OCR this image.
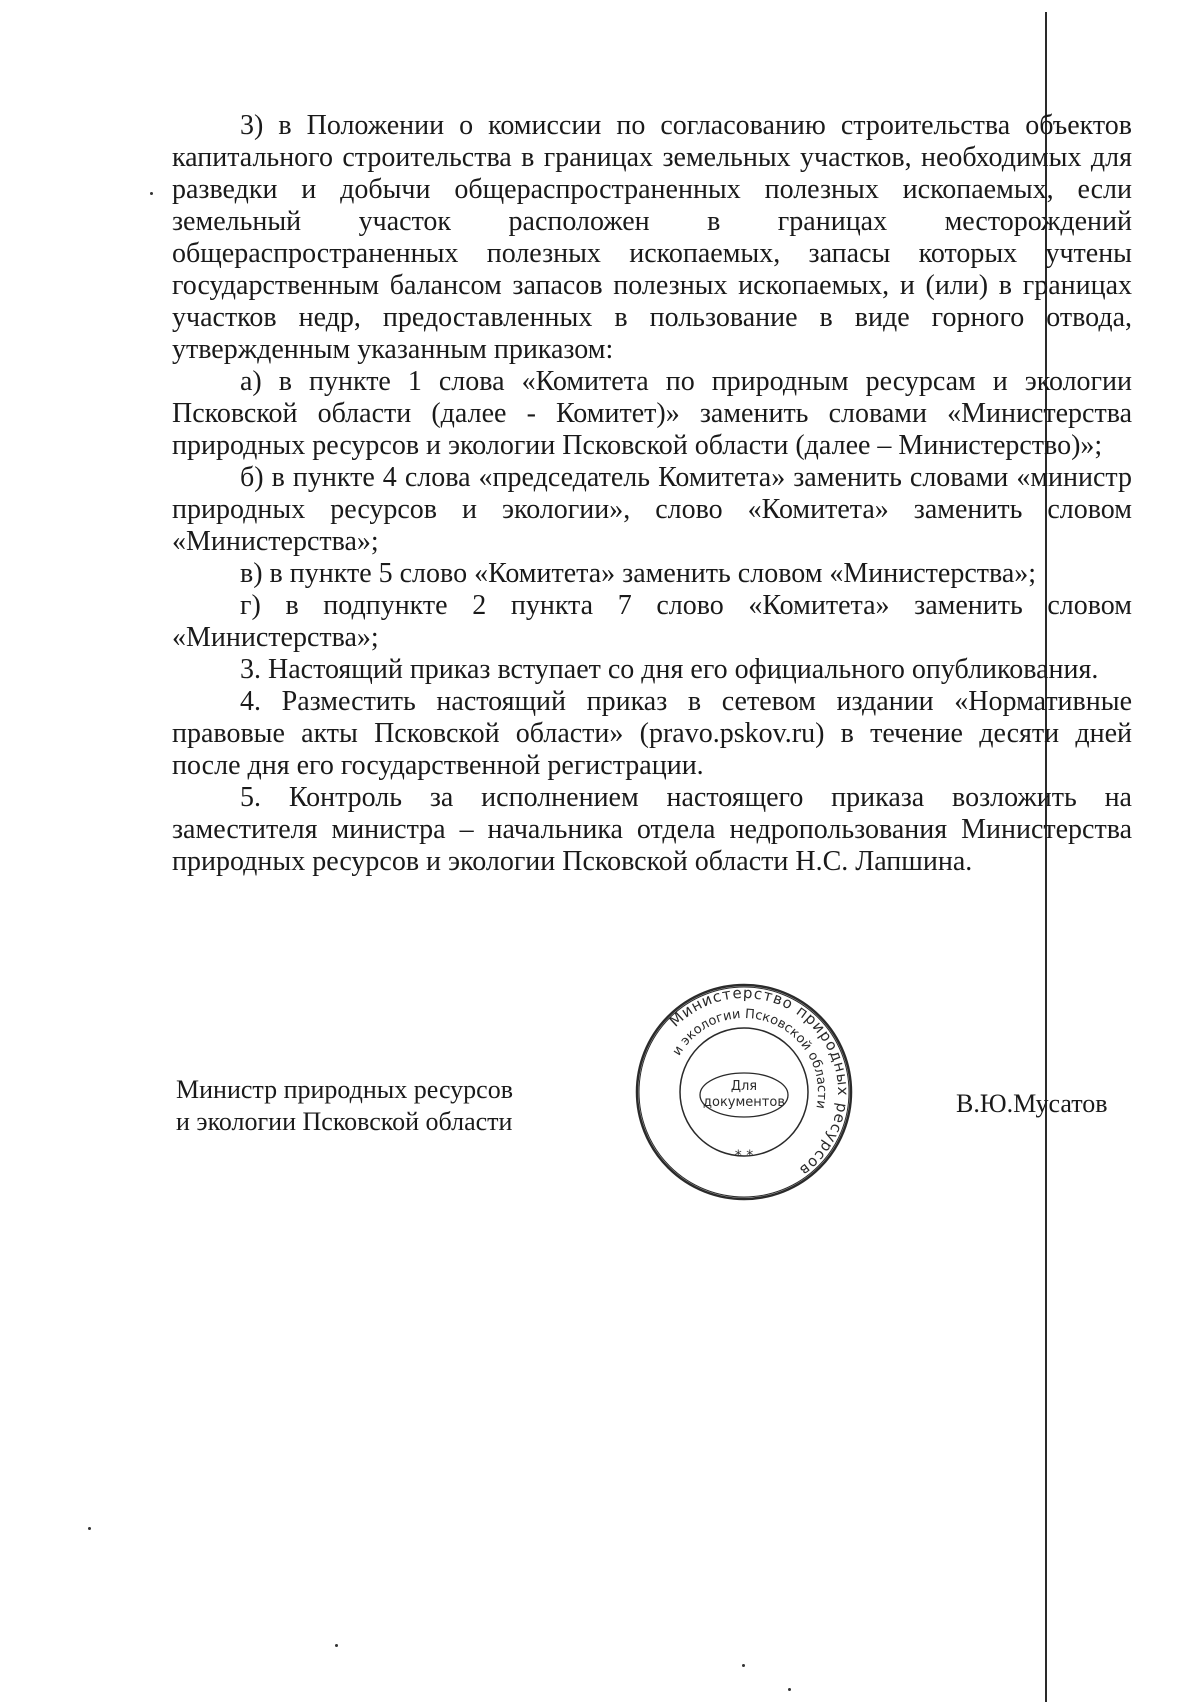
3) в Положении о комиссии по согласованию строительства объектов капитального строительства в границах земельных участков, необходимых для разведки и добычи общераспространенных полезных ископаемых, если земельный участок расположен в границах месторождений общераспространенных полезных ископаемых, запасы которых учтены государственным балансом запасов полезных ископаемых, и (или) в границах участков недр, предоставленных в пользование в виде горного отвода, утвержденным указанным приказом:

а) в пункте 1 слова «Комитета по природным ресурсам и экологии Псковской области (далее - Комитет)» заменить словами «Министерства природных ресурсов и экологии Псковской области (далее – Министерство)»;

б) в пункте 4 слова «председатель Комитета» заменить словами «министр природных ресурсов и экологии», слово «Комитета» заменить словом «Министерства»;

в) в пункте 5 слово «Комитета» заменить словом «Министерства»;

г) в подпункте 2 пункта 7 слово «Комитета» заменить словом «Министерства»;

3. Настоящий приказ вступает со дня его официального опубликования.

4. Разместить настоящий приказ в сетевом издании «Нормативные правовые акты Псковской области» (pravo.pskov.ru) в течение десяти дней после дня его государственной регистрации.

5. Контроль за исполнением настоящего приказа возложить на заместителя министра – начальника отдела недропользования Министерства природных ресурсов и экологии Псковской области Н.С. Лапшина.

Министр природных ресурсов
и экологии Псковской области
Министерство природных ресурсов
и экологии Псковской области
Для
документов
* *
В.Ю.Мусатов
